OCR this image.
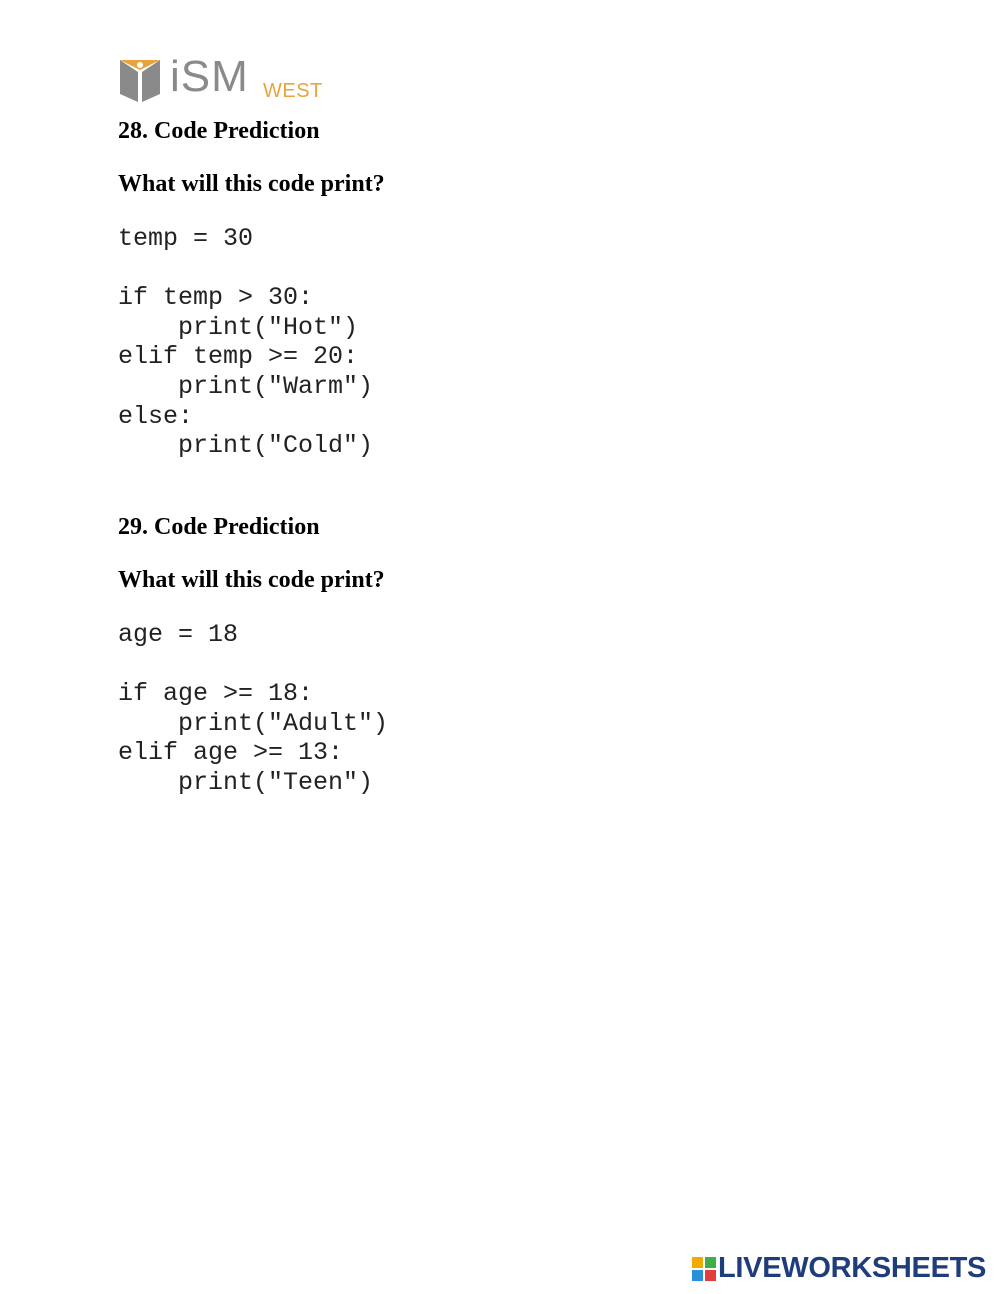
iSM WEST
28. Code Prediction
What will this code print?
temp = 30

if temp > 30:
print("Hot")
elif temp >= 20:
print("Warm")
else:
print("Cold")
29. Code Prediction
What will this code print?
age = 18

if age >= 18:
print("Adult")
elif age >= 13:
print("Teen")
LIVEWORKSHEETS
